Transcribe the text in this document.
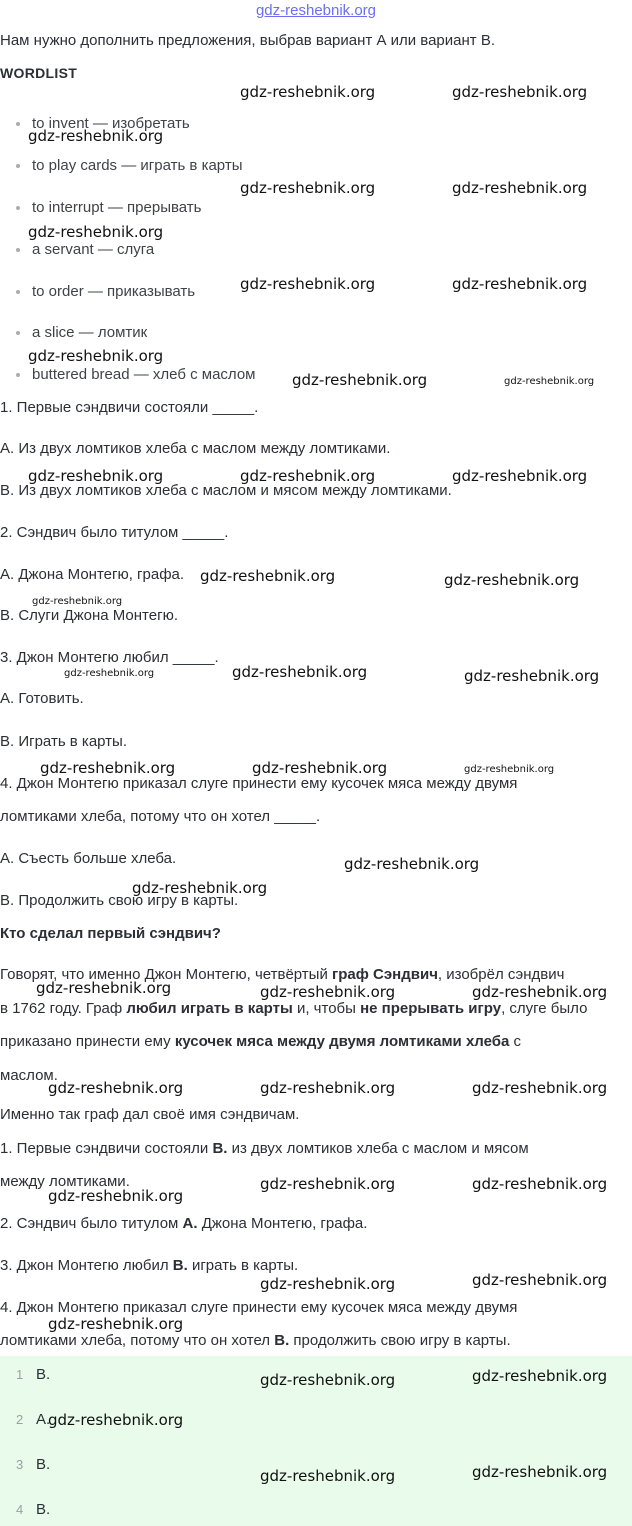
gdz-reshebnik.org
Нам нужно дополнить предложения, выбрав вариант А или вариант В.
WORDLIST
to invent — изобретать
to play cards — играть в карты
to interrupt — прерывать
a servant — слуга
to order — приказывать
a slice — ломтик
buttered bread — хлеб с маслом
1. Первые сэндвичи состояли _____.
A. Из двух ломтиков хлеба с маслом между ломтиками.
B. Из двух ломтиков хлеба с маслом и мясом между ломтиками.
2. Сэндвич было титулом _____.
A. Джона Монтегю, графа.
B. Слуги Джона Монтегю.
3. Джон Монтегю любил _____.
A. Готовить.
B. Играть в карты.
4. Джон Монтегю приказал слуге принести ему кусочек мяса между двумя
ломтиками хлеба, потому что он хотел _____.
A. Съесть больше хлеба.
B. Продолжить свою игру в карты.
Кто сделал первый сэндвич?
Говорят, что именно Джон Монтегю, четвёртый граф Сэндвич, изобрёл сэндвич
в 1762 году. Граф любил играть в карты и, чтобы не прерывать игру, слуге было
приказано принести ему кусочек мяса между двумя ломтиками хлеба с
маслом.
Именно так граф дал своё имя сэндвичам.
1. Первые сэндвичи состояли B. из двух ломтиков хлеба с маслом и мясом
между ломтиками.
2. Сэндвич было титулом A. Джона Монтегю, графа.
3. Джон Монтегю любил B. играть в карты.
4. Джон Монтегю приказал слуге принести ему кусочек мяса между двумя
ломтиками хлеба, потому что он хотел B. продолжить свою игру в карты.
1 B.
2 A.
3 B.
4 B.
gdz-reshebnik.org	gdz-reshebnik.org
gdz-reshebnik.org
gdz-reshebnik.org	gdz-reshebnik.org
gdz-reshebnik.org
gdz-reshebnik.org	gdz-reshebnik.org
gdz-reshebnik.org
gdz-reshebnik.org	gdz-reshebnik.org
gdz-reshebnik.org	gdz-reshebnik.org	gdz-reshebnik.org
gdz-reshebnik.org	gdz-reshebnik.org
gdz-reshebnik.org
gdz-reshebnik.org	gdz-reshebnik.org	gdz-reshebnik.org
gdz-reshebnik.org	gdz-reshebnik.org	gdz-reshebnik.org
gdz-reshebnik.org
gdz-reshebnik.org
gdz-reshebnik.org	gdz-reshebnik.org	gdz-reshebnik.org
gdz-reshebnik.org	gdz-reshebnik.org	gdz-reshebnik.org
gdz-reshebnik.org	gdz-reshebnik.org
gdz-reshebnik.org
gdz-reshebnik.org	gdz-reshebnik.org
gdz-reshebnik.org
gdz-reshebnik.org	gdz-reshebnik.org
gdz-reshebnik.org
gdz-reshebnik.org	gdz-reshebnik.org
